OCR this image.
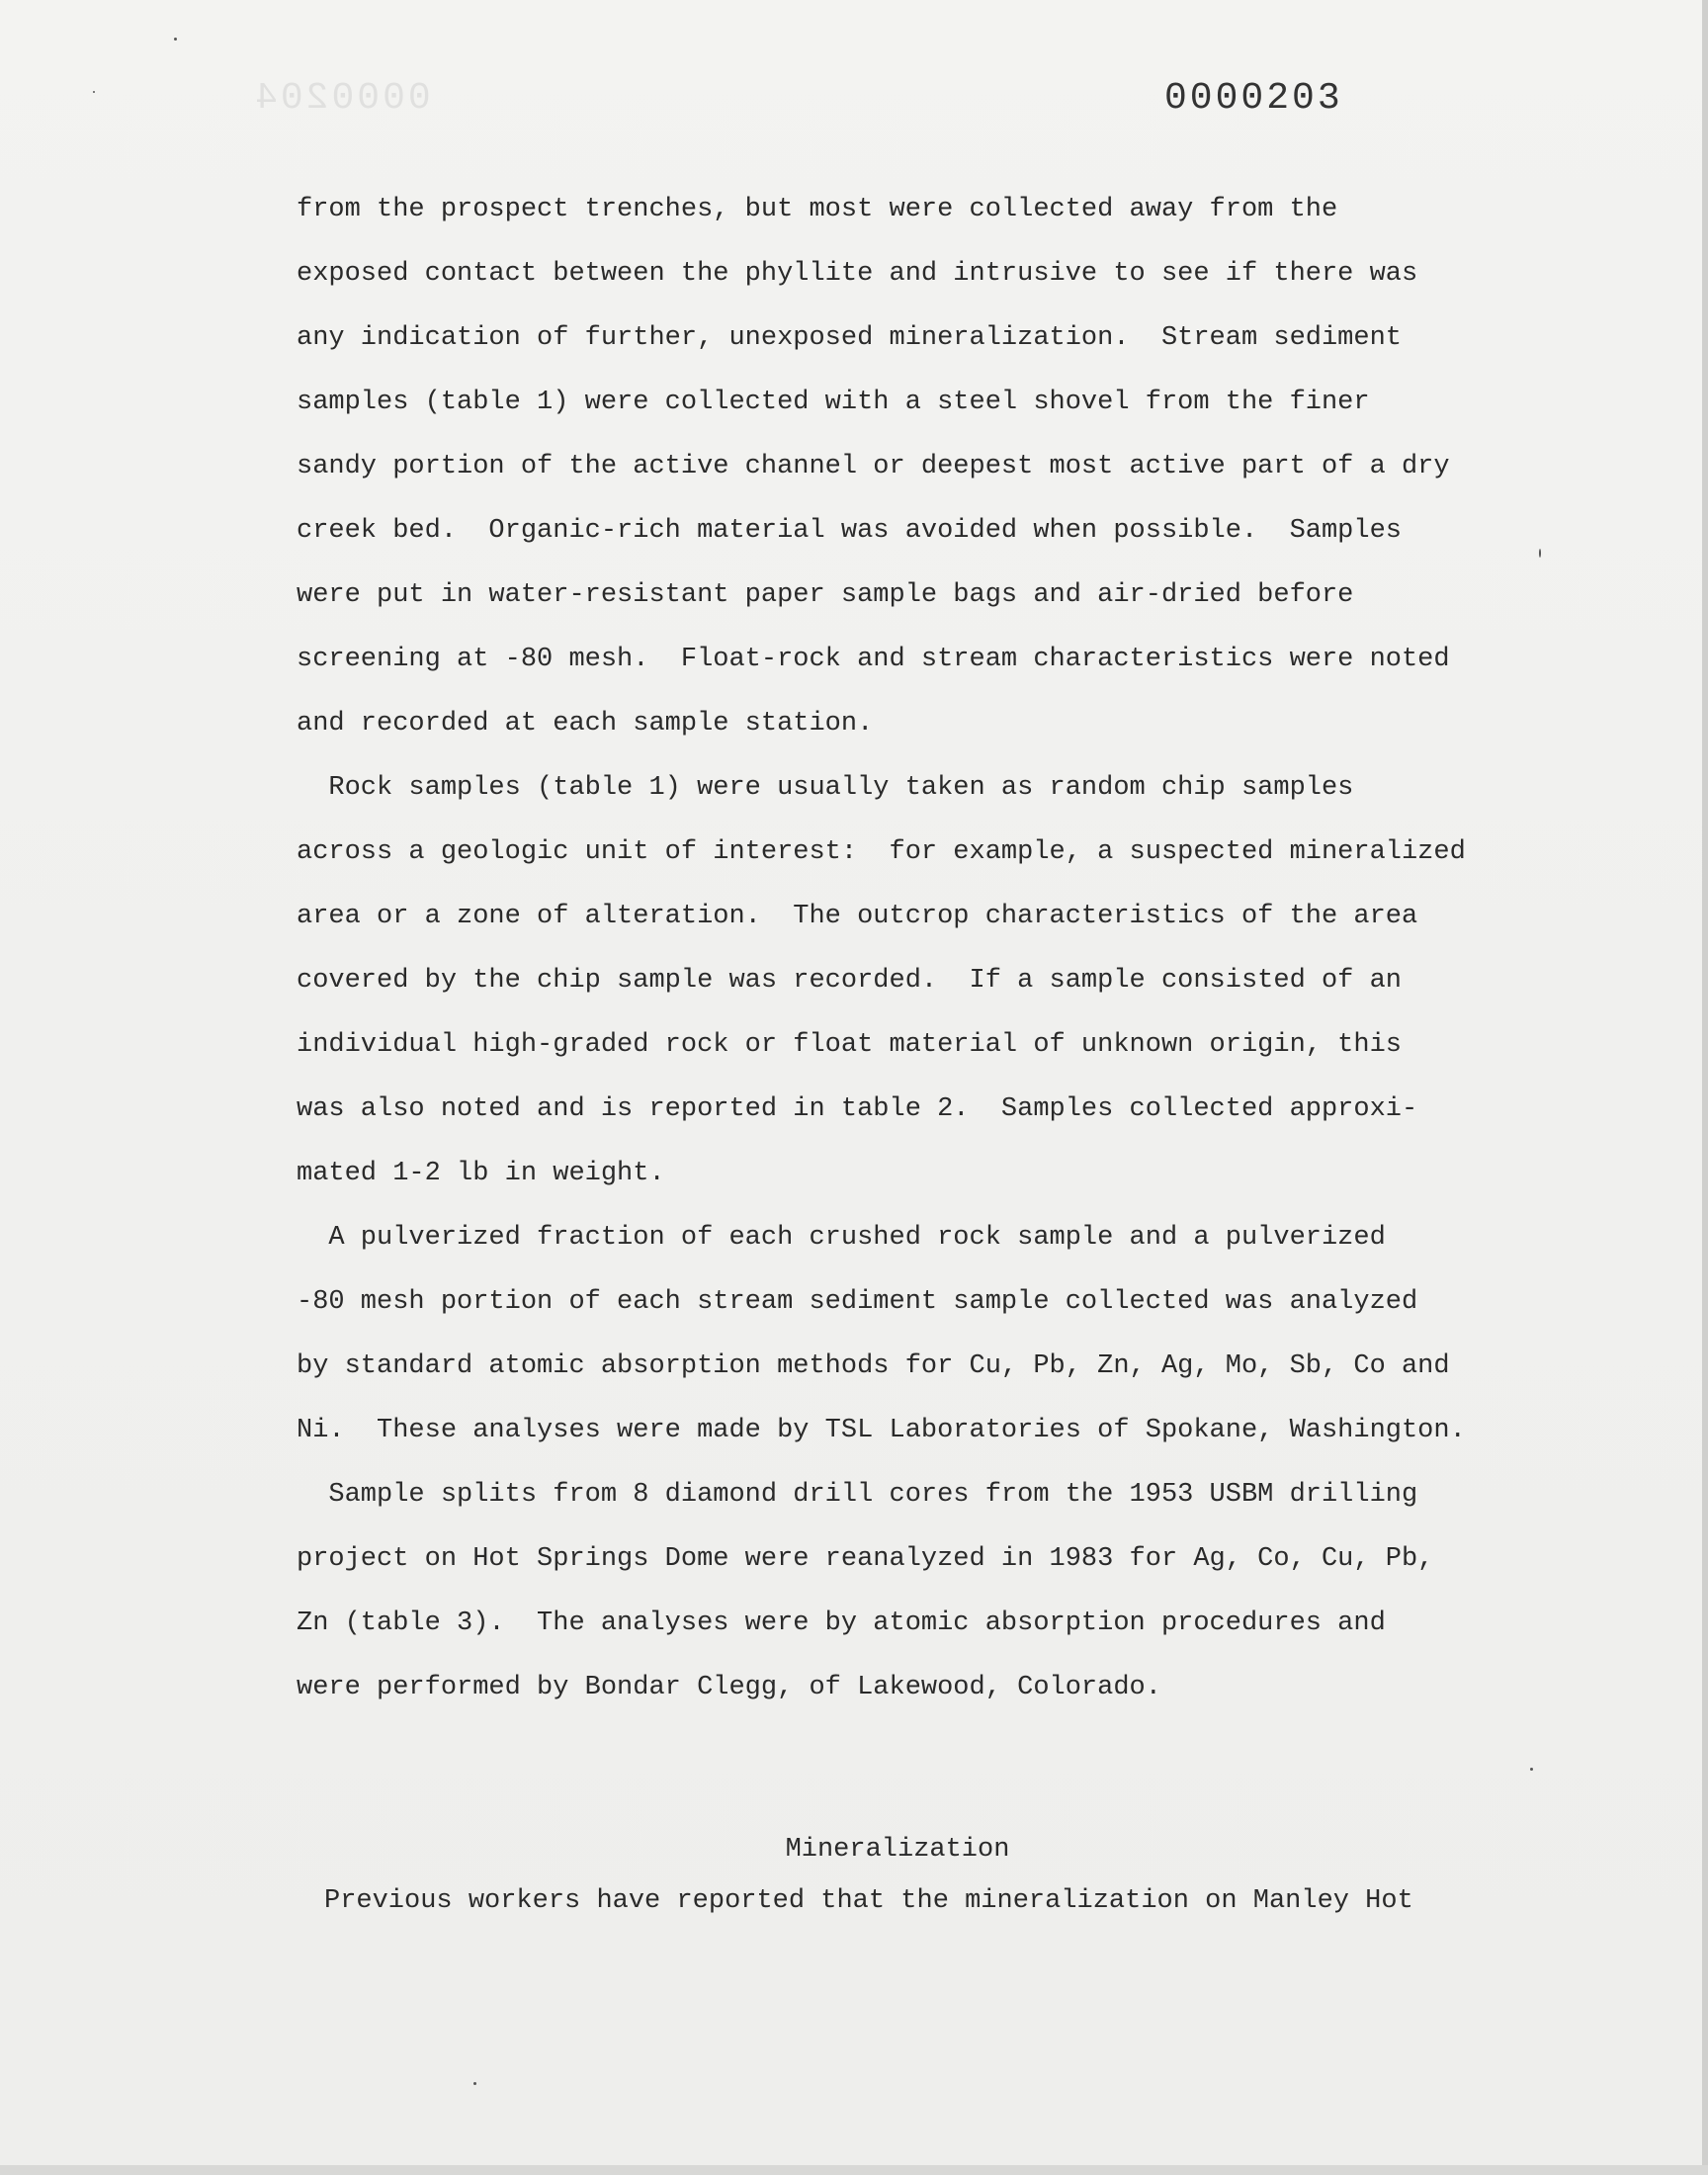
0000204	0000203
from the prospect trenches, but most were collected away from the
exposed contact between the phyllite and intrusive to see if there was
any indication of further, unexposed mineralization.  Stream sediment
samples (table 1) were collected with a steel shovel from the finer
sandy portion of the active channel or deepest most active part of a dry
creek bed.  Organic-rich material was avoided when possible.  Samples
were put in water-resistant paper sample bags and air-dried before
screening at -80 mesh.  Float-rock and stream characteristics were noted
and recorded at each sample station.
Rock samples (table 1) were usually taken as random chip samples
across a geologic unit of interest:  for example, a suspected mineralized
area or a zone of alteration.  The outcrop characteristics of the area
covered by the chip sample was recorded.  If a sample consisted of an
individual high-graded rock or float material of unknown origin, this
was also noted and is reported in table 2.  Samples collected approxi-
mated 1-2 lb in weight.
A pulverized fraction of each crushed rock sample and a pulverized
-80 mesh portion of each stream sediment sample collected was analyzed
by standard atomic absorption methods for Cu, Pb, Zn, Ag, Mo, Sb, Co and
Ni.  These analyses were made by TSL Laboratories of Spokane, Washington.
Sample splits from 8 diamond drill cores from the 1953 USBM drilling
project on Hot Springs Dome were reanalyzed in 1983 for Ag, Co, Cu, Pb,
Zn (table 3).  The analyses were by atomic absorption procedures and
were performed by Bondar Clegg, of Lakewood, Colorado.
Mineralization
Previous workers have reported that the mineralization on Manley Hot
